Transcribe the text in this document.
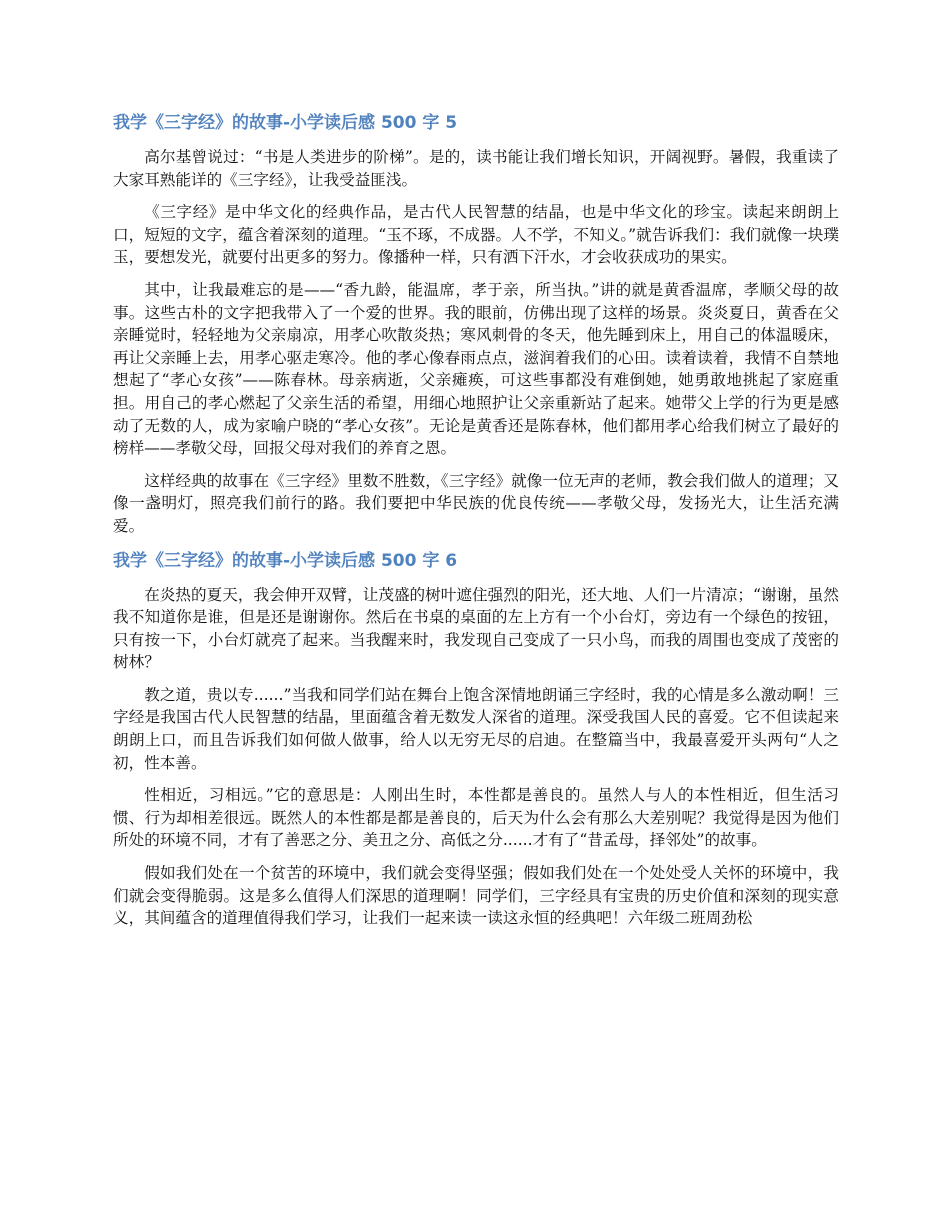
我学《三字经》的故事-小学读后感 500 字 5

高尔基曾说过：“书是人类进步的阶梯”。是的，读书能让我们增长知识，开阔视野。暑假，我重读了大家耳熟能详的《三字经》，让我受益匪浅。

《三字经》是中华文化的经典作品，是古代人民智慧的结晶，也是中华文化的珍宝。读起来朗朗上口，短短的文字，蕴含着深刻的道理。“玉不琢，不成器。人不学，不知义。”就告诉我们：我们就像一块璞玉，要想发光，就要付出更多的努力。像播种一样，只有洒下汗水，才会收获成功的果实。

其中，让我最难忘的是——“香九龄，能温席，孝于亲，所当执。”讲的就是黄香温席，孝顺父母的故事。这些古朴的文字把我带入了一个爱的世界。我的眼前，仿佛出现了这样的场景。炎炎夏日，黄香在父亲睡觉时，轻轻地为父亲扇凉，用孝心吹散炎热；寒风刺骨的冬天，他先睡到床上，用自己的体温暖床，再让父亲睡上去，用孝心驱走寒冷。他的孝心像春雨点点，滋润着我们的心田。读着读着，我情不自禁地想起了“孝心女孩”——陈春林。母亲病逝，父亲瘫痪，可这些事都没有难倒她，她勇敢地挑起了家庭重担。用自己的孝心燃起了父亲生活的希望，用细心地照护让父亲重新站了起来。她带父上学的行为更是感动了无数的人，成为家喻户晓的“孝心女孩”。无论是黄香还是陈春林，他们都用孝心给我们树立了最好的榜样——孝敬父母，回报父母对我们的养育之恩。

这样经典的故事在《三字经》里数不胜数，《三字经》就像一位无声的老师，教会我们做人的道理；又像一盏明灯，照亮我们前行的路。我们要把中华民族的优良传统——孝敬父母，发扬光大，让生活充满爱。

我学《三字经》的故事-小学读后感 500 字 6

在炎热的夏天，我会伸开双臂，让茂盛的树叶遮住强烈的阳光，还大地、人们一片清凉；“谢谢，虽然我不知道你是谁，但是还是谢谢你。然后在书桌的桌面的左上方有一个小台灯，旁边有一个绿色的按钮，只有按一下，小台灯就亮了起来。当我醒来时，我发现自己变成了一只小鸟，而我的周围也变成了茂密的树林？

教之道，贵以专......”当我和同学们站在舞台上饱含深情地朗诵三字经时，我的心情是多么激动啊！三字经是我国古代人民智慧的结晶，里面蕴含着无数发人深省的道理。深受我国人民的喜爱。它不但读起来朗朗上口，而且告诉我们如何做人做事，给人以无穷无尽的启迪。在整篇当中，我最喜爱开头两句“人之初，性本善。

性相近，习相远。”它的意思是：人刚出生时，本性都是善良的。虽然人与人的本性相近，但生活习惯、行为却相差很远。既然人的本性都是都是善良的，后天为什么会有那么大差别呢？我觉得是因为他们所处的环境不同，才有了善恶之分、美丑之分、高低之分......才有了“昔孟母，择邻处”的故事。

假如我们处在一个贫苦的环境中，我们就会变得坚强；假如我们处在一个处处受人关怀的环境中，我们就会变得脆弱。这是多么值得人们深思的道理啊！同学们，三字经具有宝贵的历史价值和深刻的现实意义，其间蕴含的道理值得我们学习，让我们一起来读一读这永恒的经典吧！六年级二班周劲松
